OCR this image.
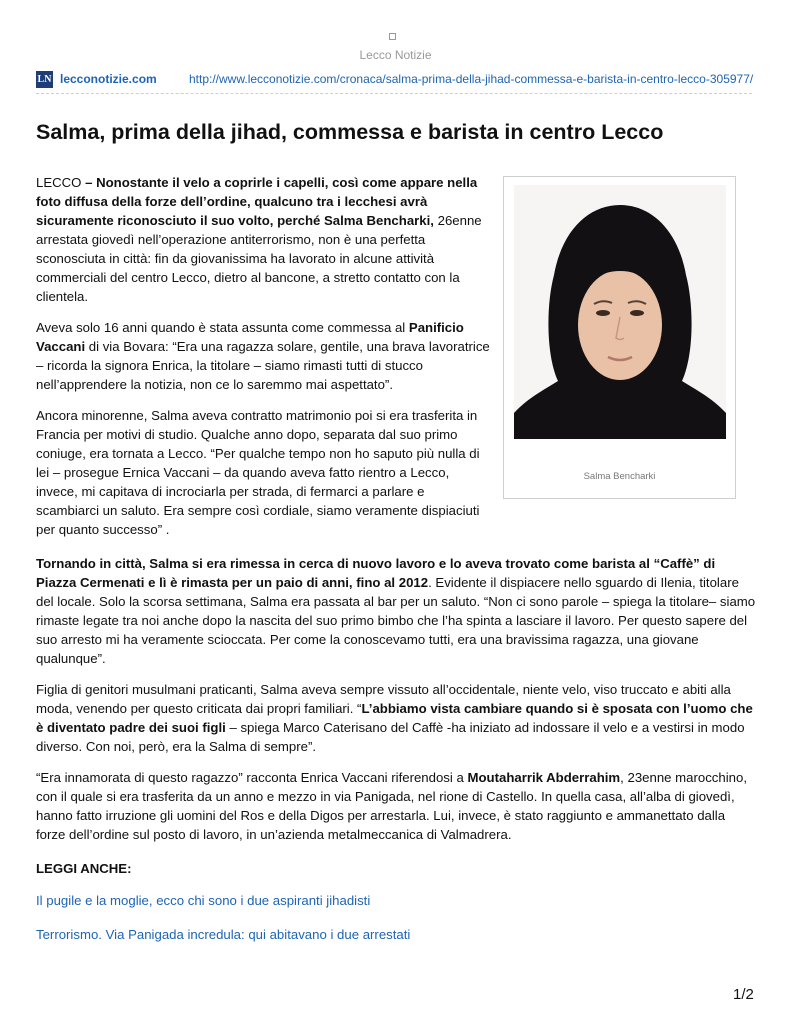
Lecco Notizie
LN lecconotizie.com	http://www.lecconotizie.com/cronaca/salma-prima-della-jihad-commessa-e-barista-in-centro-lecco-305977/
Salma, prima della jihad, commessa e barista in centro Lecco

LECCO – Nonostante il velo a coprirle i capelli, così come appare nella foto diffusa della forze dell’ordine, qualcuno tra i lecchesi avrà sicuramente riconosciuto il suo volto, perché Salma Bencharki, 26enne arrestata giovedì nell’operazione antiterrorismo, non è una perfetta sconosciuta in città: fin da giovanissima ha lavorato in alcune attività commerciali del centro Lecco, dietro al bancone, a stretto contatto con la clientela.

Aveva solo 16 anni quando è stata assunta come commessa al Panificio Vaccani di via Bovara: “Era una ragazza solare, gentile, una brava lavoratrice – ricorda la signora Enrica, la titolare – siamo rimasti tutti di stucco nell’apprendere la notizia, non ce lo saremmo mai aspettato”.

Ancora minorenne, Salma aveva contratto matrimonio poi si era trasferita in Francia per motivi di studio. Qualche anno dopo, separata dal suo primo coniuge, era tornata a Lecco. “Per qualche tempo non ho saputo più nulla di lei – prosegue Ernica Vaccani – da quando aveva fatto rientro a Lecco, invece, mi capitava di incrociarla per strada, di fermarci a parlare e scambiarci un saluto. Era sempre così cordiale, siamo veramente dispiaciuti per quanto successo” .

Salma Bencharki

Tornando in città, Salma si era rimessa in cerca di nuovo lavoro e lo aveva trovato come barista al “Caffè” di Piazza Cermenati e lì è rimasta per un paio di anni, fino al 2012. Evidente il dispiacere nello sguardo di Ilenia, titolare del locale. Solo la scorsa settimana, Salma era passata al bar per un saluto. “Non ci sono parole – spiega la titolare– siamo rimaste legate tra noi anche dopo la nascita del suo primo bimbo che l’ha spinta a lasciare il lavoro. Per questo sapere del suo arresto mi ha veramente scioccata. Per come la conoscevamo tutti, era una bravissima ragazza, una giovane qualunque”.

Figlia di genitori musulmani praticanti, Salma aveva sempre vissuto all’occidentale, niente velo, viso truccato e abiti alla moda, venendo per questo criticata dai propri familiari. “L’abbiamo vista cambiare quando si è sposata con l’uomo che è diventato padre dei suoi figli – spiega Marco Caterisano del Caffè -ha iniziato ad indossare il velo e a vestirsi in modo diverso. Con noi, però, era la Salma di sempre”.

“Era innamorata di questo ragazzo” racconta Enrica Vaccani riferendosi a Moutaharrik Abderrahim, 23enne marocchino, con il quale si era trasferita da un anno e mezzo in via Panigada, nel rione di Castello. In quella casa, all’alba di giovedì, hanno fatto irruzione gli uomini del Ros e della Digos per arrestarla. Lui, invece, è stato raggiunto e ammanettato dalla forze dell’ordine sul posto di lavoro, in un’azienda metalmeccanica di Valmadrera.

LEGGI ANCHE:
Il pugile e la moglie, ecco chi sono i due aspiranti jihadisti
Terrorismo. Via Panigada incredula: qui abitavano i due arrestati
1/2
